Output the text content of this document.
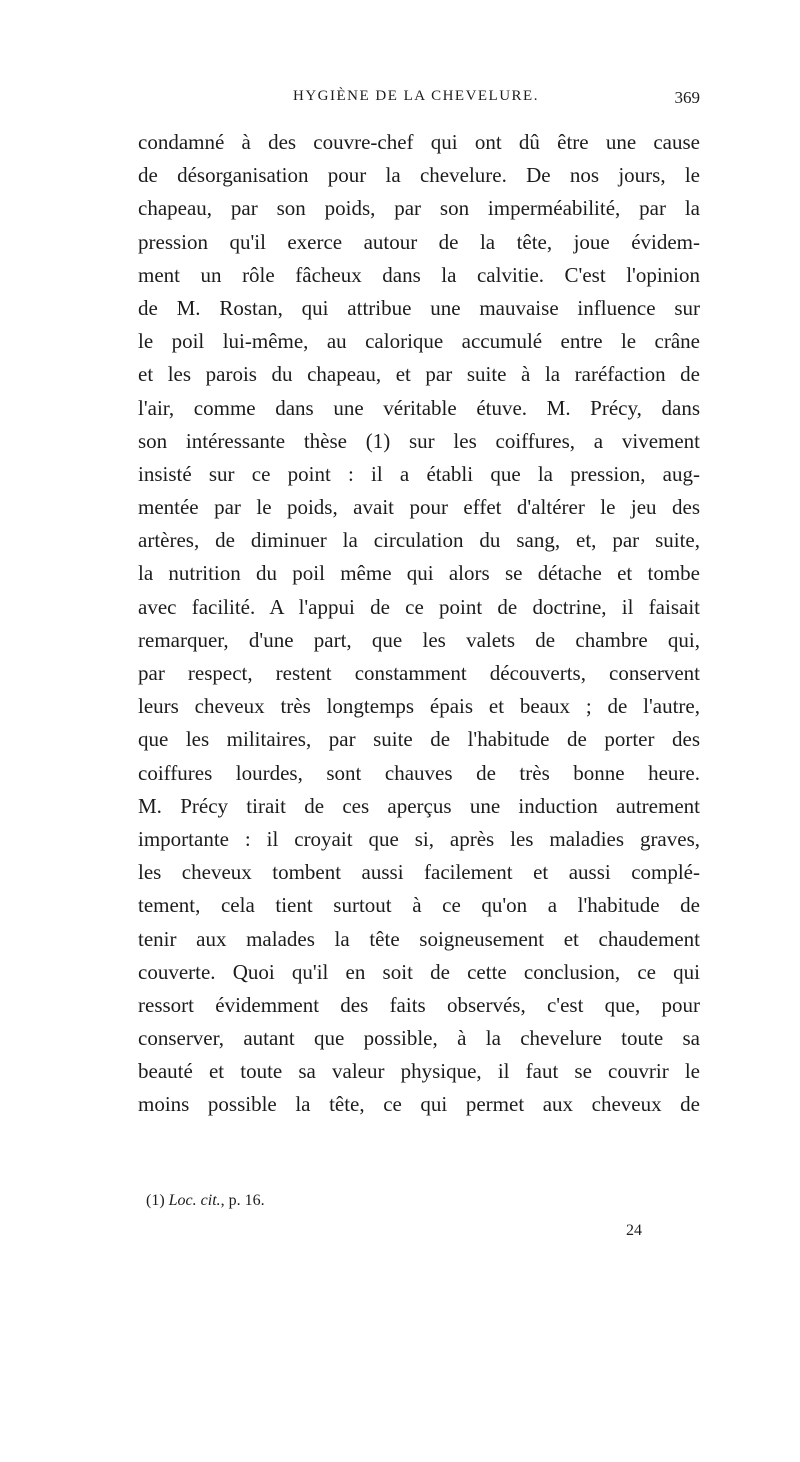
HYGIÈNE DE LA CHEVELURE.	369
condamné à des couvre-chef qui ont dû être une cause
de désorganisation pour la chevelure. De nos jours, le
chapeau, par son poids, par son imperméabilité, par la
pression qu'il exerce autour de la tête, joue évidem-
ment un rôle fâcheux dans la calvitie. C'est l'opinion
de M. Rostan, qui attribue une mauvaise influence sur
le poil lui-même, au calorique accumulé entre le crâne
et les parois du chapeau, et par suite à la raréfaction de
l'air, comme dans une véritable étuve. M. Précy, dans
son intéressante thèse (1) sur les coiffures, a vivement
insisté sur ce point : il a établi que la pression, aug-
mentée par le poids, avait pour effet d'altérer le jeu des
artères, de diminuer la circulation du sang, et, par suite,
la nutrition du poil même qui alors se détache et tombe
avec facilité. A l'appui de ce point de doctrine, il faisait
remarquer, d'une part, que les valets de chambre qui,
par respect, restent constamment découverts, conservent
leurs cheveux très longtemps épais et beaux ; de l'autre,
que les militaires, par suite de l'habitude de porter des
coiffures lourdes, sont chauves de très bonne heure.
M. Précy tirait de ces aperçus une induction autrement
importante : il croyait que si, après les maladies graves,
les cheveux tombent aussi facilement et aussi complé-
tement, cela tient surtout à ce qu'on a l'habitude de
tenir aux malades la tête soigneusement et chaudement
couverte. Quoi qu'il en soit de cette conclusion, ce qui
ressort évidemment des faits observés, c'est que, pour
conserver, autant que possible, à la chevelure toute sa
beauté et toute sa valeur physique, il faut se couvrir le
moins possible la tête, ce qui permet aux cheveux de
(1) Loc. cit., p. 16.
24
